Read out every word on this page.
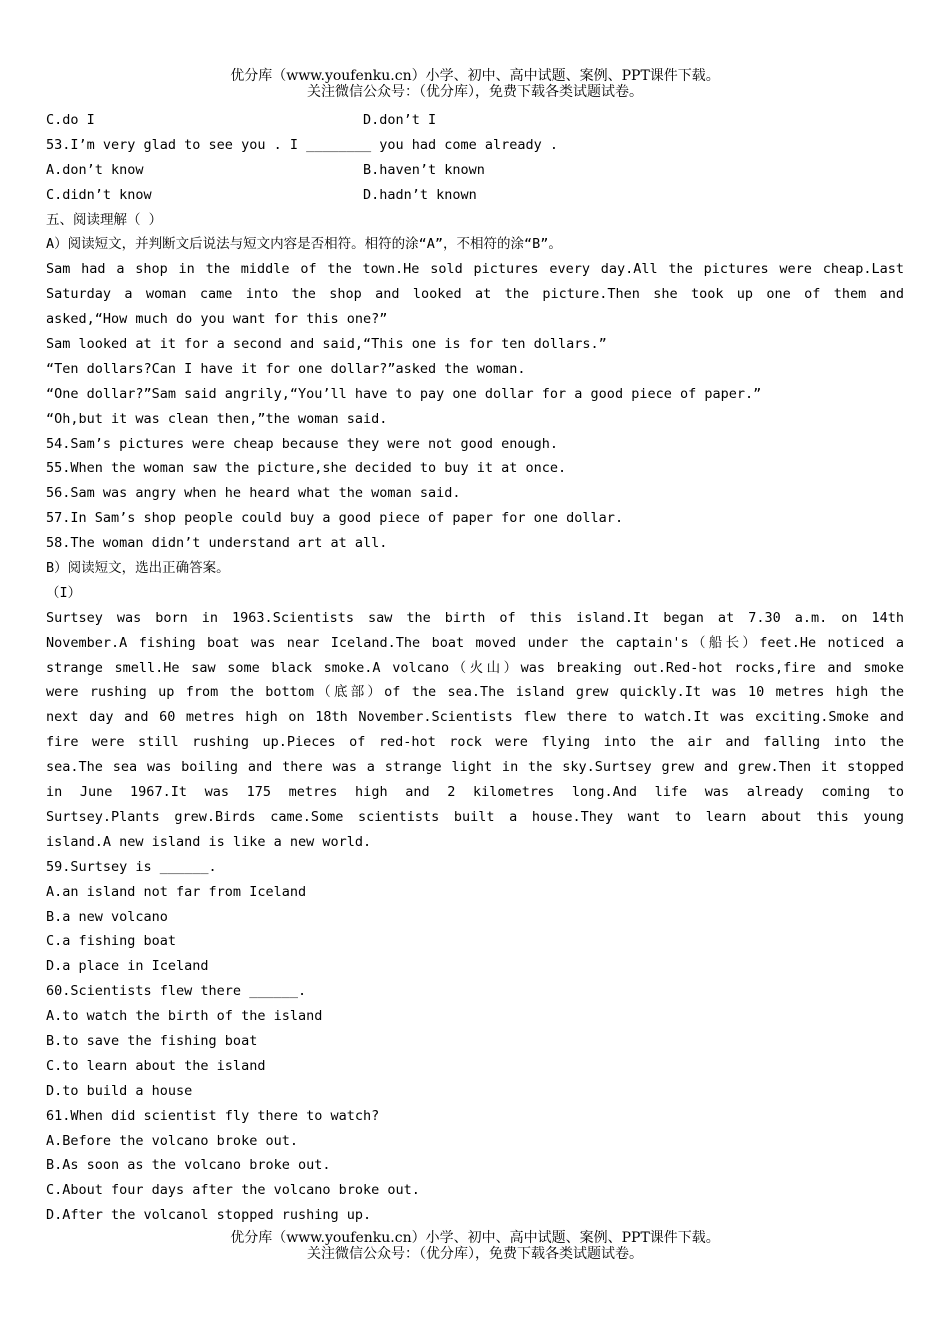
优分库（www.youfenku.cn）小学、初中、高中试题、案例、PPT课件下载。
关注微信公众号：（优分库），免费下载各类试题试卷。
C.do I	D.don’t I
53.I’m very glad to see you . I ________ you had come already .
A.don’t know	B.haven’t known
C.didn’t know	D.hadn’t known
五、阅读理解（ ）
A）阅读短文，并判断文后说法与短文内容是否相符。相符的涂“A”，不相符的涂“B”。
Sam had a shop in the middle of the town.He sold pictures every day.All the pictures were cheap.Last
Saturday a woman came into the shop and looked at the picture.Then she took up one of them and
asked,“How much do you want for this one?”
Sam looked at it for a second and said,“This one is for ten dollars.”
“Ten dollars?Can I have it for one dollar?”asked the woman.
“One dollar?”Sam said angrily,“You’ll have to pay one dollar for a good piece of paper.”
“Oh,but it was clean then,”the woman said.
54.Sam’s pictures were cheap because they were not good enough.
55.When the woman saw the picture,she decided to buy it at once.
56.Sam was angry when he heard what the woman said.
57.In Sam’s shop people could buy a good piece of paper for one dollar.
58.The woman didn’t understand art at all.
B）阅读短文，选出正确答案。
（I）
Surtsey was born in 1963.Scientists saw the birth of this island.It began at 7.30 a.m. on 14th
November.A fishing boat was near Iceland.The boat moved under the captain's（船长）feet.He noticed a
strange smell.He saw some black smoke.A volcano（火山）was breaking out.Red-hot rocks,fire and smoke
were rushing up from the bottom（底部）of the sea.The island grew quickly.It was 10 metres high the
next day and 60 metres high on 18th November.Scientists flew there to watch.It was exciting.Smoke and
fire were still rushing up.Pieces of red-hot rock were flying into the air and falling into the
sea.The sea was boiling and there was a strange light in the sky.Surtsey grew and grew.Then it stopped
in June 1967.It was 175 metres high and 2 kilometres long.And life was already coming to
Surtsey.Plants grew.Birds came.Some scientists built a house.They want to learn about this young
island.A new island is like a new world.
59.Surtsey is ______.
A.an island not far from Iceland
B.a new volcano
C.a fishing boat
D.a place in Iceland
60.Scientists flew there ______.
A.to watch the birth of the island
B.to save the fishing boat
C.to learn about the island
D.to build a house
61.When did scientist fly there to watch?
A.Before the volcano broke out.
B.As soon as the volcano broke out.
C.About four days after the volcano broke out.
D.After the volcanol stopped rushing up.
优分库（www.youfenku.cn）小学、初中、高中试题、案例、PPT课件下载。
关注微信公众号：（优分库），免费下载各类试题试卷。
